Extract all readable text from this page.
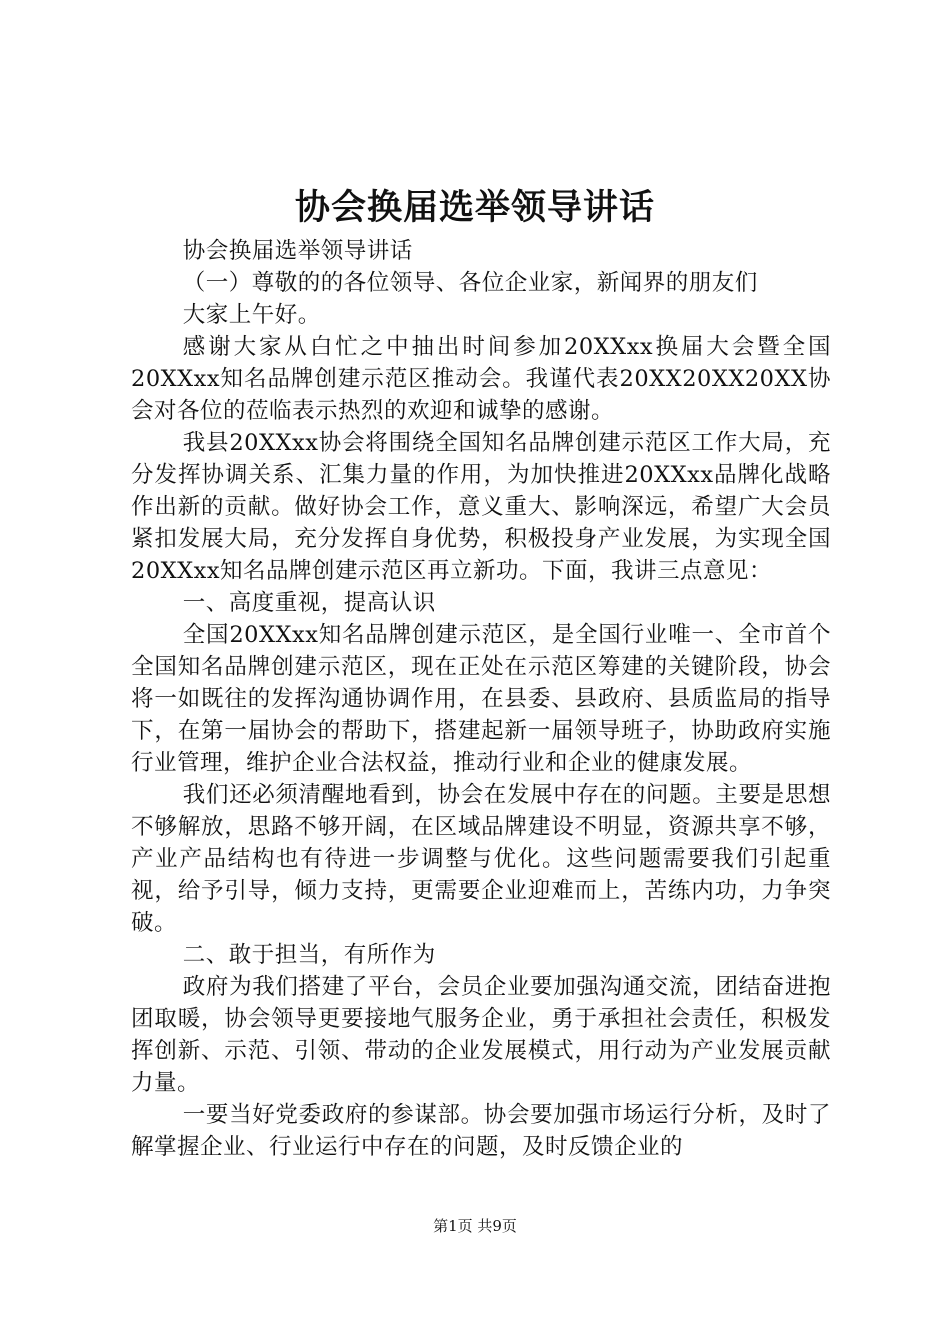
协会换届选举领导讲话

协会换届选举领导讲话

（一）尊敬的的各位领导、各位企业家，新闻界的朋友们

大家上午好。

感谢大家从白忙之中抽出时间参加20XXxx换届大会暨全国20XXxx知名品牌创建示范区推动会。我谨代表20XX20XX20XX协会对各位的莅临表示热烈的欢迎和诚挚的感谢。

我县20XXxx协会将围绕全国知名品牌创建示范区工作大局，充分发挥协调关系、汇集力量的作用，为加快推进20XXxx品牌化战略作出新的贡献。做好协会工作，意义重大、影响深远，希望广大会员紧扣发展大局，充分发挥自身优势，积极投身产业发展，为实现全国20XXxx知名品牌创建示范区再立新功。下面，我讲三点意见：

一、高度重视，提高认识

全国20XXxx知名品牌创建示范区，是全国行业唯一、全市首个全国知名品牌创建示范区，现在正处在示范区筹建的关键阶段，协会将一如既往的发挥沟通协调作用，在县委、县政府、县质监局的指导下，在第一届协会的帮助下，搭建起新一届领导班子，协助政府实施行业管理，维护企业合法权益，推动行业和企业的健康发展。

我们还必须清醒地看到，协会在发展中存在的问题。主要是思想不够解放，思路不够开阔，在区域品牌建设不明显，资源共享不够，产业产品结构也有待进一步调整与优化。这些问题需要我们引起重视，给予引导，倾力支持，更需要企业迎难而上，苦练内功，力争突破。

二、敢于担当，有所作为

政府为我们搭建了平台，会员企业要加强沟通交流，团结奋进抱团取暖，协会领导更要接地气服务企业，勇于承担社会责任，积极发挥创新、示范、引领、带动的企业发展模式，用行动为产业发展贡献力量。

一要当好党委政府的参谋部。协会要加强市场运行分析，及时了解掌握企业、行业运行中存在的问题，及时反馈企业的

第1页 共9页
